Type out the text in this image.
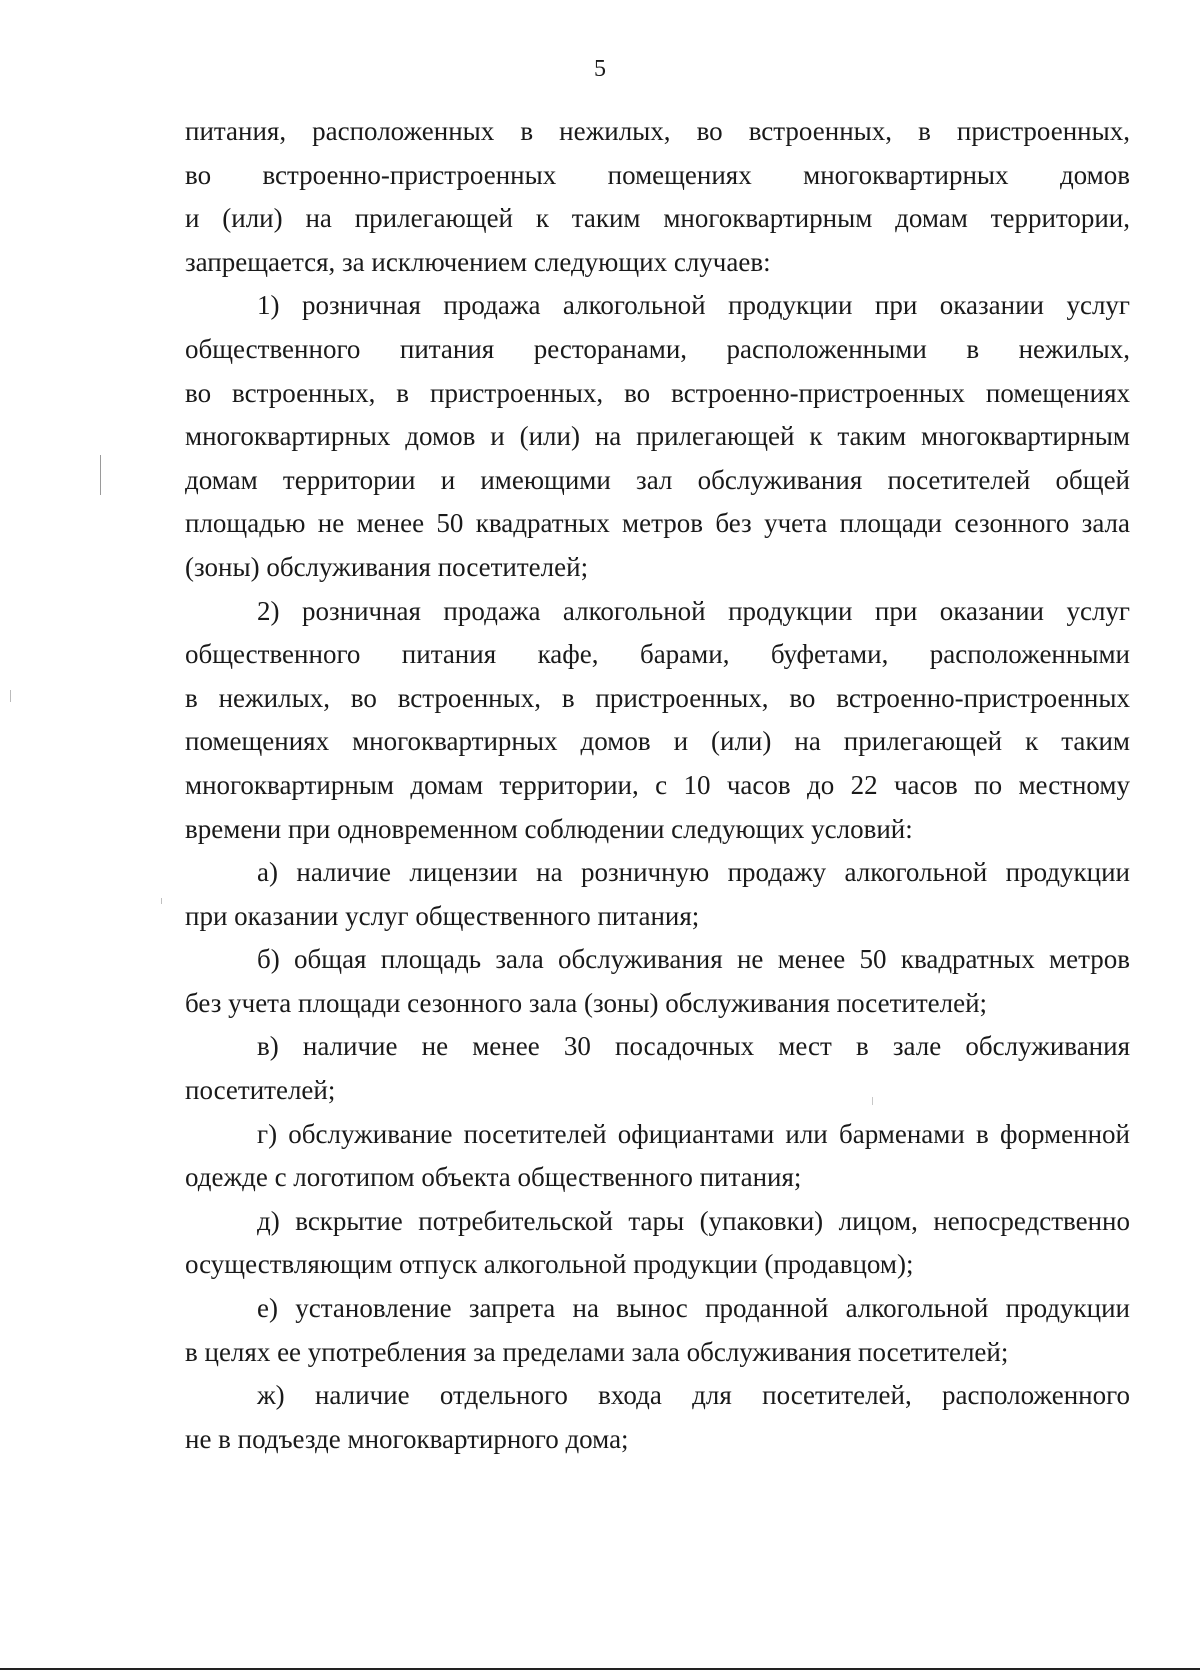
5
питания, расположенных в нежилых, во встроенных, в пристроенных,
во встроенно-пристроенных помещениях многоквартирных домов
и (или) на прилегающей к таким многоквартирным домам территории,
запрещается, за исключением следующих случаев:
1) розничная продажа алкогольной продукции при оказании услуг
общественного питания ресторанами, расположенными в нежилых,
во встроенных, в пристроенных, во встроенно-пристроенных помещениях
многоквартирных домов и (или) на прилегающей к таким многоквартирным
домам территории и имеющими зал обслуживания посетителей общей
площадью не менее 50 квадратных метров без учета площади сезонного зала
(зоны) обслуживания посетителей;
2) розничная продажа алкогольной продукции при оказании услуг
общественного питания кафе, барами, буфетами, расположенными
в нежилых, во встроенных, в пристроенных, во встроенно-пристроенных
помещениях многоквартирных домов и (или) на прилегающей к таким
многоквартирным домам территории, с 10 часов до 22 часов по местному
времени при одновременном соблюдении следующих условий:
а) наличие лицензии на розничную продажу алкогольной продукции
при оказании услуг общественного питания;
б) общая площадь зала обслуживания не менее 50 квадратных метров
без учета площади сезонного зала (зоны) обслуживания посетителей;
в) наличие не менее 30 посадочных мест в зале обслуживания
посетителей;
г) обслуживание посетителей официантами или барменами в форменной
одежде с логотипом объекта общественного питания;
д) вскрытие потребительской тары (упаковки) лицом, непосредственно
осуществляющим отпуск алкогольной продукции (продавцом);
е) установление запрета на вынос проданной алкогольной продукции
в целях ее употребления за пределами зала обслуживания посетителей;
ж) наличие отдельного входа для посетителей, расположенного
не в подъезде многоквартирного дома;
